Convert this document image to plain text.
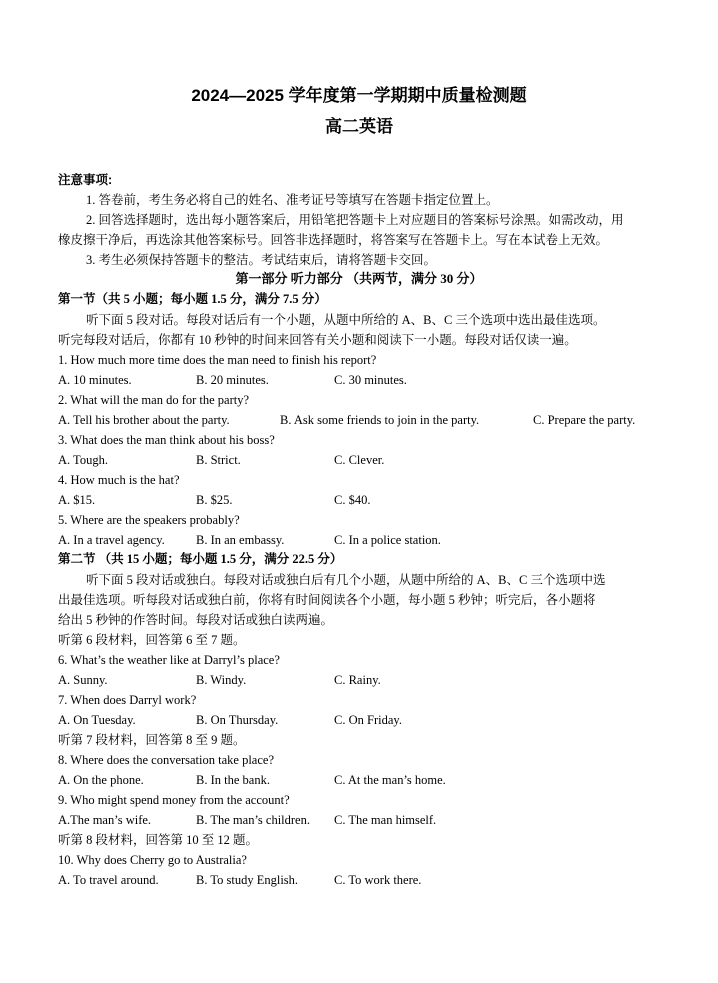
2024—2025 学年度第一学期期中质量检测题
高二英语
注意事项:
1. 答卷前，考生务必将自己的姓名、准考证号等填写在答题卡指定位置上。
2. 回答选择题时，选出每小题答案后，用铅笔把答题卡上对应题目的答案标号涂黑。如需改动，用
橡皮擦干净后，再选涂其他答案标号。回答非选择题时，将答案写在答题卡上。写在本试卷上无效。
3. 考生必须保持答题卡的整洁。考试结束后，请将答题卡交回。
第一部分 听力部分 （共两节，满分 30 分）
第一节（共 5 小题；每小题 1.5 分，满分 7.5 分）
听下面 5 段对话。每段对话后有一个小题，从题中所给的 A、B、C 三个选项中选出最佳选项。
听完每段对话后，你都有 10 秒钟的时间来回答有关小题和阅读下一小题。每段对话仅读一遍。
1. How much more time does the man need to finish his report?
A. 10 minutes.	B. 20 minutes.	C. 30 minutes.
2. What will the man do for the party?
A. Tell his brother about the party.	B. Ask some friends to join in the party.	C. Prepare the party.
3. What does the man think about his boss?
A. Tough.	B. Strict.	C. Clever.
4. How much is the hat?
A. $15.	B. $25.	C. $40.
5. Where are the speakers probably?
A. In a travel agency. B. In an embassy.	C. In a police station.
第二节 （共 15 小题；每小题 1.5 分，满分 22.5 分）
听下面 5 段对话或独白。每段对话或独白后有几个小题，从题中所给的 A、B、C 三个选项中选
出最佳选项。听每段对话或独白前，你将有时间阅读各个小题，每小题 5 秒钟；听完后，各小题将
给出 5 秒钟的作答时间。每段对话或独白读两遍。
听第 6 段材料，回答第 6 至 7 题。
6. What’s the weather like at Darryl’s place?
A. Sunny.	B. Windy.	C. Rainy.
7. When does Darryl work?
A. On Tuesday.	B. On Thursday.	C. On Friday.
听第 7 段材料，回答第 8 至 9 题。
8. Where does the conversation take place?
A. On the phone.	B. In the bank.	C. At the man’s home.
9. Who might spend money from the account?
A.The man’s wife.	B. The man’s children. C. The man himself.
听第 8 段材料，回答第 10 至 12 题。
10. Why does Cherry go to Australia?
A. To travel around.	B. To study English.	C. To work there.
